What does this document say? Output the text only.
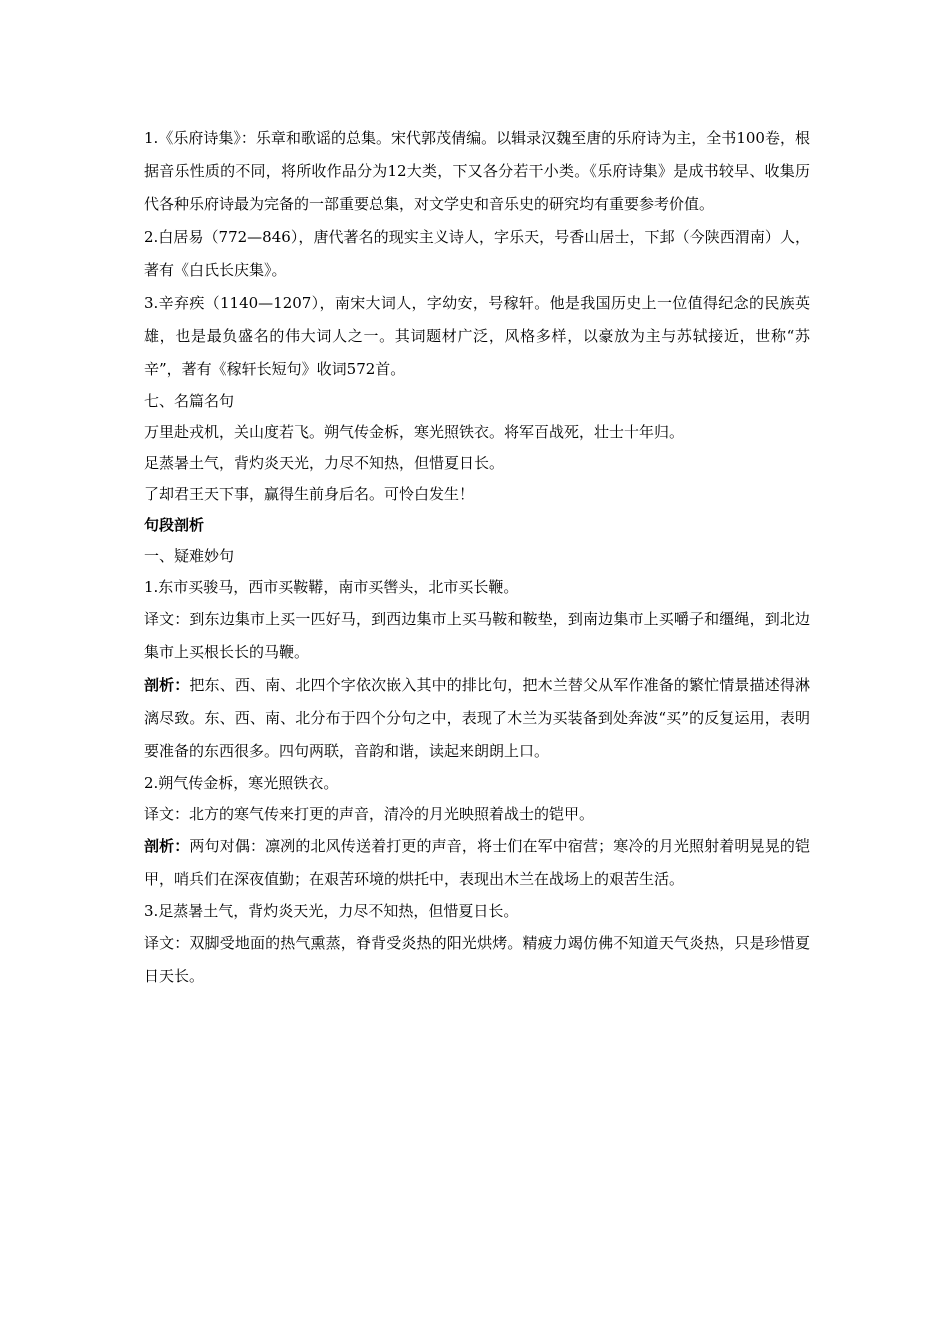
1.《乐府诗集》：乐章和歌谣的总集。宋代郭茂倩编。以辑录汉魏至唐的乐府诗为主，全书100卷，根据音乐性质的不同，将所收作品分为12大类，下又各分若干小类。《乐府诗集》是成书较早、收集历代各种乐府诗最为完备的一部重要总集，对文学史和音乐史的研究均有重要参考价值。

2.白居易（772—846），唐代著名的现实主义诗人，字乐天，号香山居士，下邽（今陕西渭南）人，著有《白氏长庆集》。

3.辛弃疾（1140—1207），南宋大词人，字幼安，号稼轩。他是我国历史上一位值得纪念的民族英雄，也是最负盛名的伟大词人之一。其词题材广泛，风格多样，以豪放为主与苏轼接近，世称“苏辛”，著有《稼轩长短句》收词572首。

七、名篇名句

万里赴戎机，关山度若飞。朔气传金柝，寒光照铁衣。将军百战死，壮士十年归。

足蒸暑土气，背灼炎天光，力尽不知热，但惜夏日长。

了却君王天下事，赢得生前身后名。可怜白发生！

句段剖析

一、疑难妙句

1.东市买骏马，西市买鞍鞯，南市买辔头，北市买长鞭。

译文：到东边集市上买一匹好马，到西边集市上买马鞍和鞍垫，到南边集市上买嚼子和缰绳，到北边集市上买根长长的马鞭。

剖析：把东、西、南、北四个字依次嵌入其中的排比句，把木兰替父从军作准备的繁忙情景描述得淋漓尽致。东、西、南、北分布于四个分句之中，表现了木兰为买装备到处奔波“买”的反复运用，表明要准备的东西很多。四句两联，音韵和谐，读起来朗朗上口。

2.朔气传金柝，寒光照铁衣。

译文：北方的寒气传来打更的声音，清冷的月光映照着战士的铠甲。

剖析：两句对偶：凛冽的北风传送着打更的声音，将士们在军中宿营；寒冷的月光照射着明晃晃的铠甲，哨兵们在深夜值勤；在艰苦环境的烘托中，表现出木兰在战场上的艰苦生活。

3.足蒸暑土气，背灼炎天光，力尽不知热，但惜夏日长。

译文：双脚受地面的热气熏蒸，脊背受炎热的阳光烘烤。精疲力竭仿佛不知道天气炎热，只是珍惜夏日天长。
